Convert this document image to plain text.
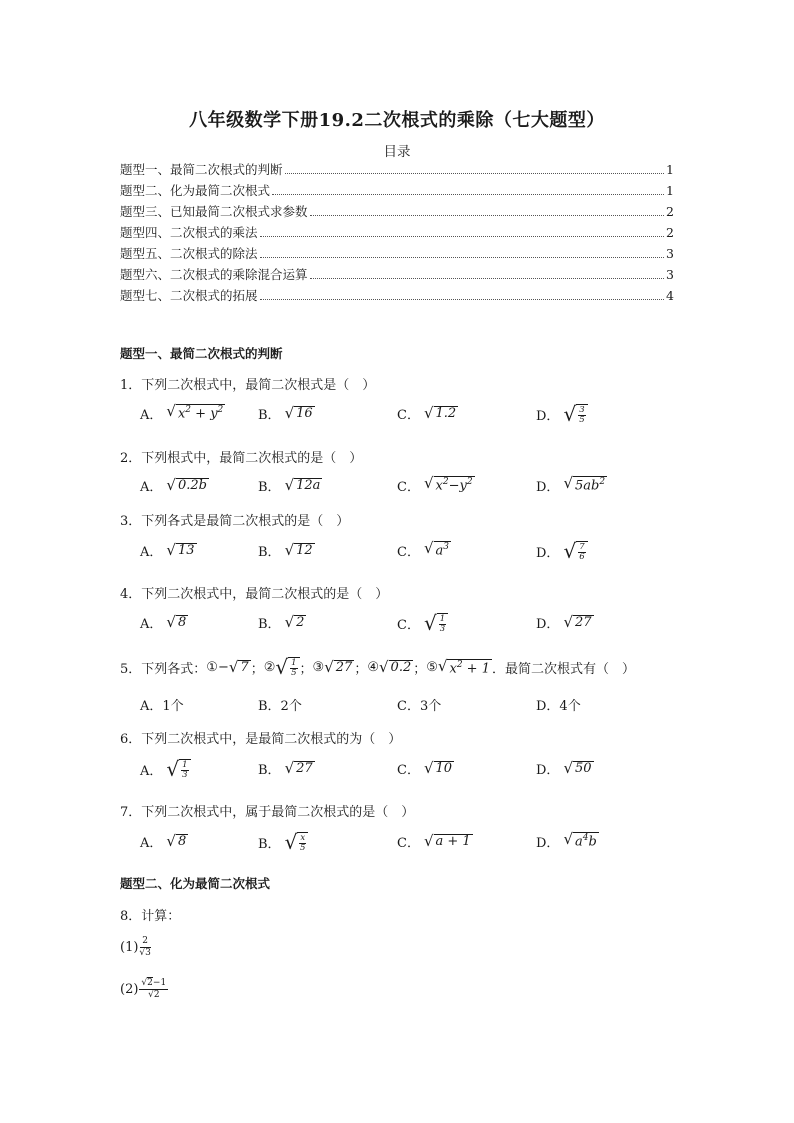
八年级数学下册19.2二次根式的乘除（七大题型）
目录
题型一、最简二次根式的判断	1
题型二、化为最简二次根式	1
题型三、已知最简二次根式求参数	2
题型四、二次根式的乘法	2
题型五、二次根式的除法	3
题型六、二次根式的乘除混合运算	3
题型七、二次根式的拓展	4
题型一、最简二次根式的判断
1．下列二次根式中，最简二次根式是（　）
A． √ $x^2 + y^2$	B． √ 16	C． √ 1.2	D． √ $\frac{3}{5}$
2．下列根式中，最简二次根式的是（　）
A． √ 0.2b	B． √ 12a	C． √ $x^2-y^2$	D． √ $5ab^2$
3．下列各式是最简二次根式的是（　）
A． √ 13	B． √ 12	C． √ $a^3$	D． √ $\frac{7}{6}$
4．下列二次根式中，最简二次根式的是（　）
A． √ 8	B． √ 2	C． √ $\frac{1}{3}$	D． √ 27
5．下列各式： ① − √ 7 ； ② √ $\frac{1}{5}$ ； ③ √ 27 ； ④ √ 0.2 ； ⑤ √ $x^2 + 1$ ．最简二次根式有（　）
A．1个	B．2个	C．3个	D．4个
6．下列二次根式中，是最简二次根式的为（　）
A． √ $\frac{1}{3}$	B． √ 27	C． √ 10	D． √ 50
7．下列二次根式中，属于最简二次根式的是（　）
A． √ 8	B． √ $\frac{x}{5}$	C． √ a + 1	D． √ $a^4b$
题型二、化为最简二次根式
8．计算：
$(1) \frac{2}{√3}$
$(2) \frac{√2-1}{√2}$
